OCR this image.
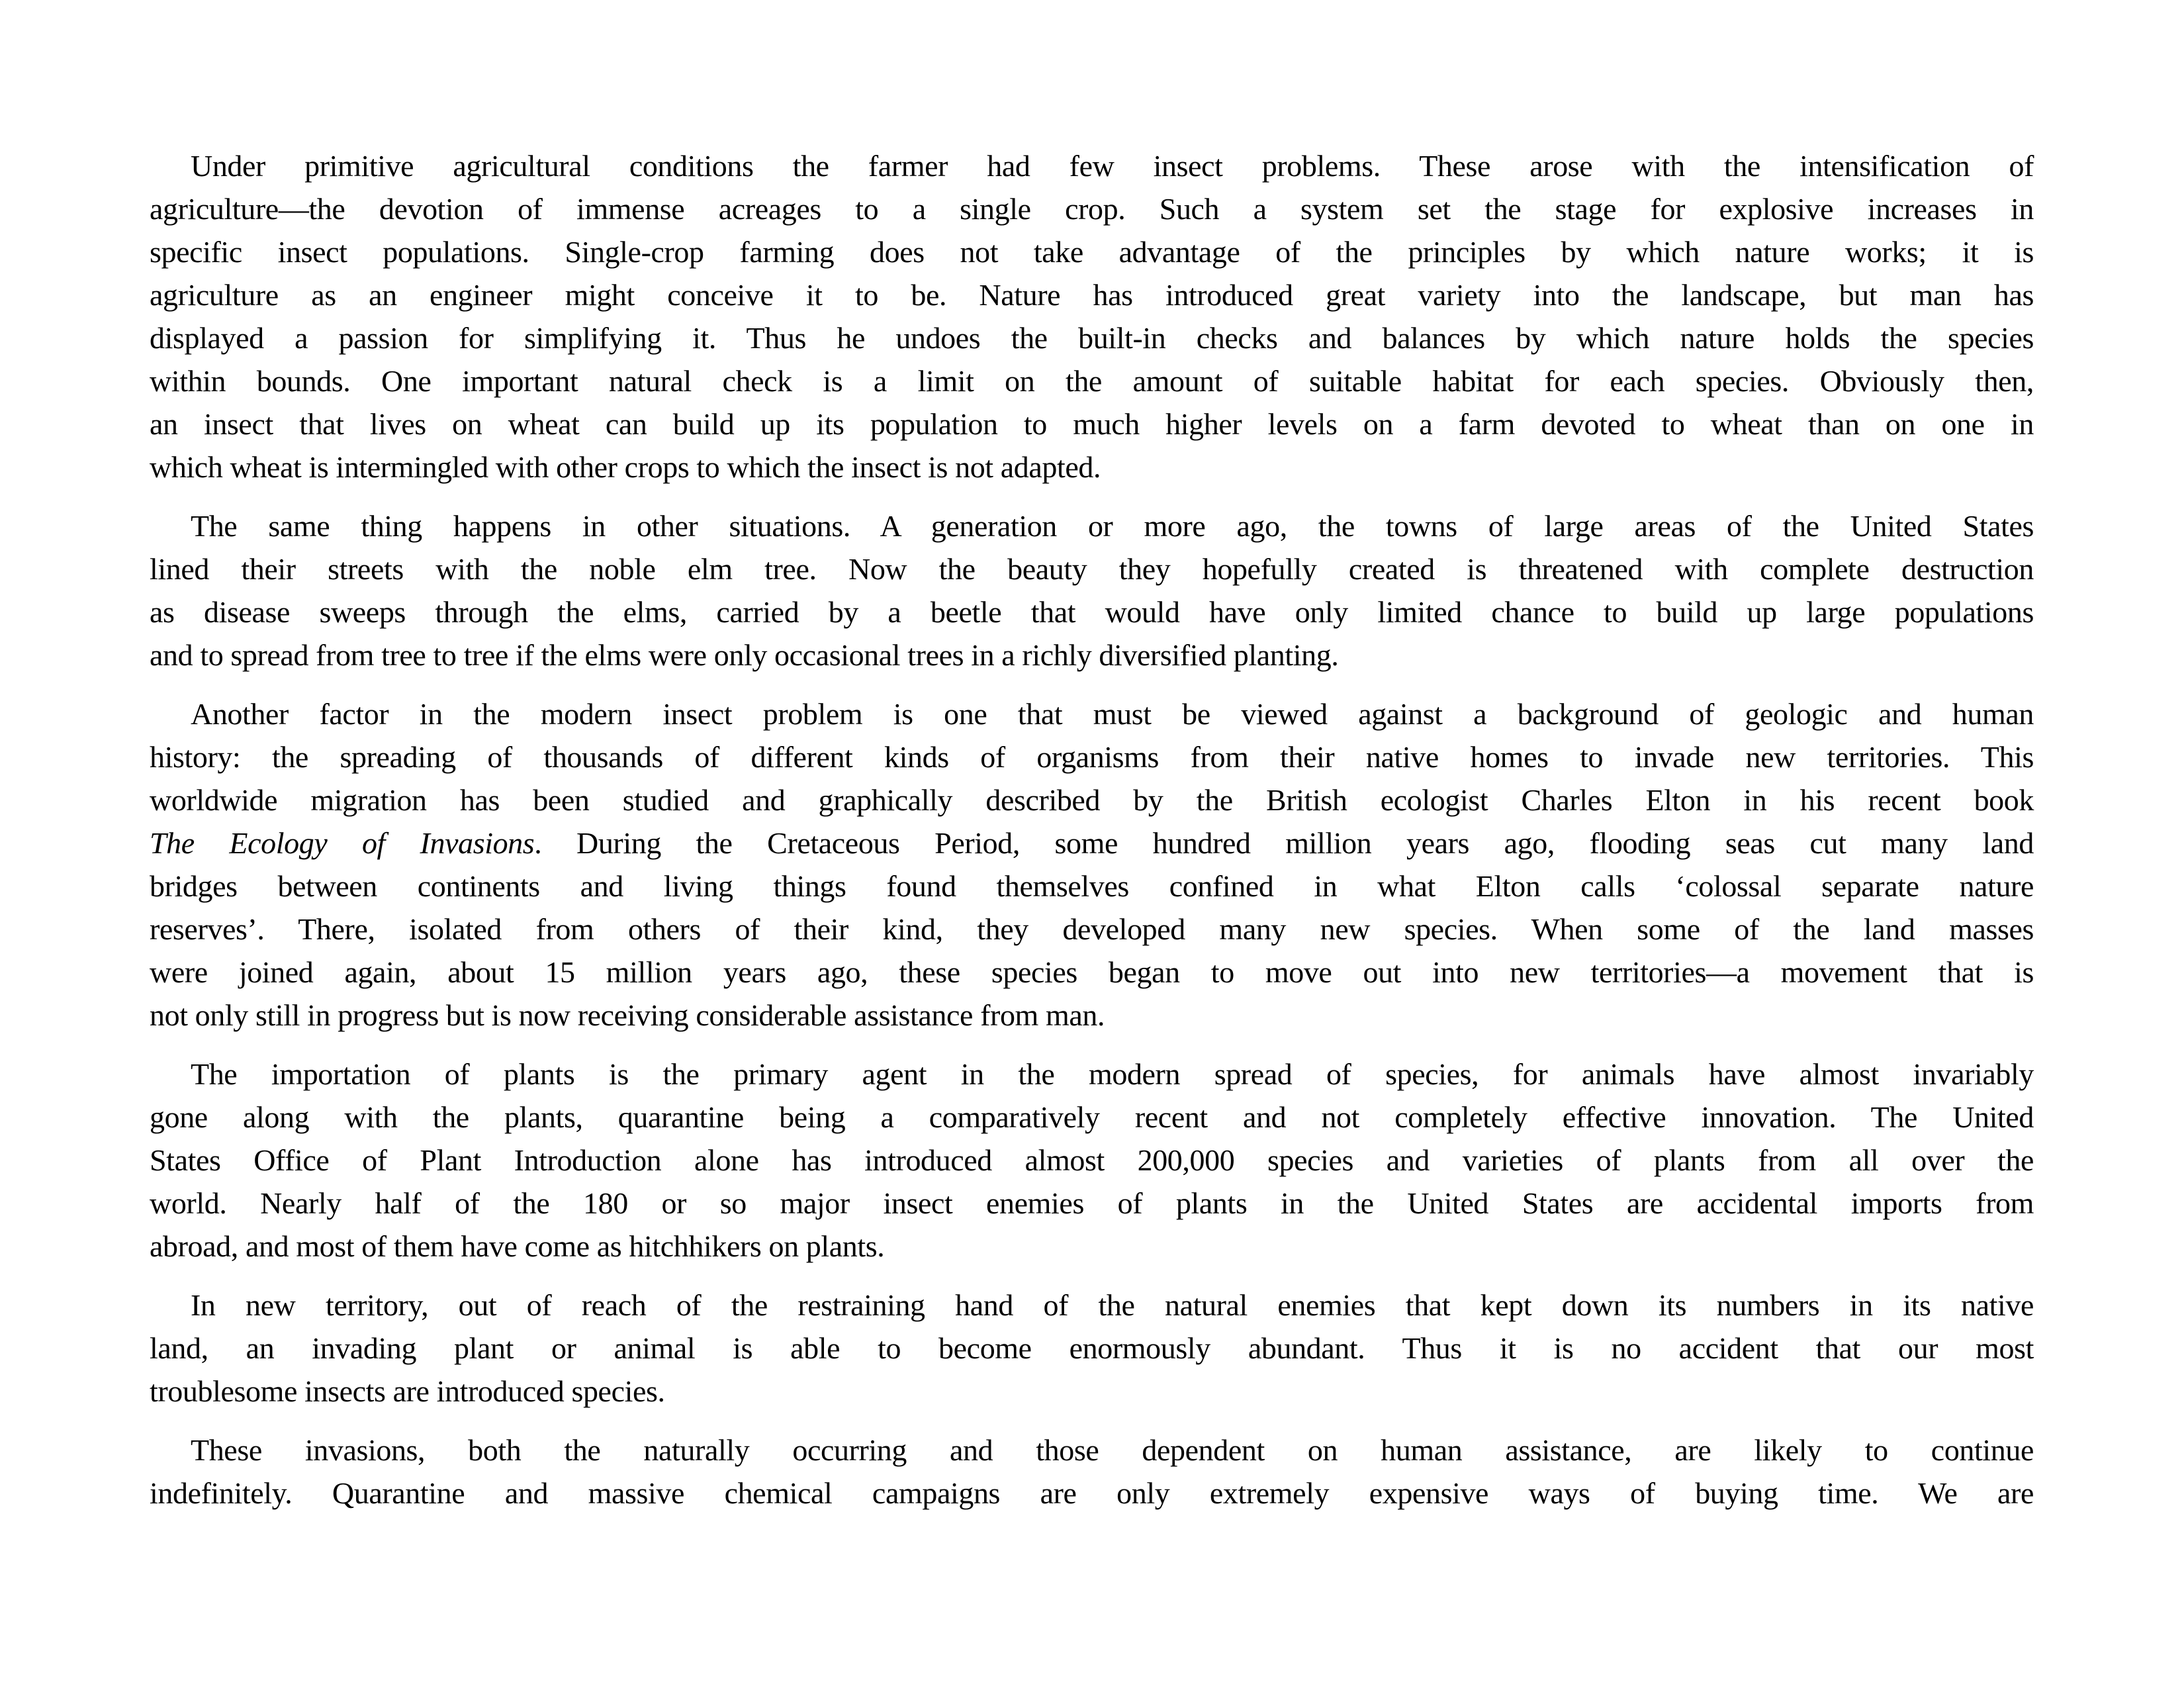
Under primitive agricultural conditions the farmer had few insect problems. These arose with the intensification of
agriculture—the devotion of immense acreages to a single crop. Such a system set the stage for explosive increases in
specific insect populations. Single-crop farming does not take advantage of the principles by which nature works; it is
agriculture as an engineer might conceive it to be. Nature has introduced great variety into the landscape, but man has
displayed a passion for simplifying it. Thus he undoes the built-in checks and balances by which nature holds the species
within bounds. One important natural check is a limit on the amount of suitable habitat for each species. Obviously then,
an insect that lives on wheat can build up its population to much higher levels on a farm devoted to wheat than on one in
which wheat is intermingled with other crops to which the insect is not adapted.
The same thing happens in other situations. A generation or more ago, the towns of large areas of the United States
lined their streets with the noble elm tree. Now the beauty they hopefully created is threatened with complete destruction
as disease sweeps through the elms, carried by a beetle that would have only limited chance to build up large populations
and to spread from tree to tree if the elms were only occasional trees in a richly diversified planting.
Another factor in the modern insect problem is one that must be viewed against a background of geologic and human
history: the spreading of thousands of different kinds of organisms from their native homes to invade new territories. This
worldwide migration has been studied and graphically described by the British ecologist Charles Elton in his recent book
The Ecology of Invasions. During the Cretaceous Period, some hundred million years ago, flooding seas cut many land
bridges between continents and living things found themselves confined in what Elton calls ‘colossal separate nature
reserves’. There, isolated from others of their kind, they developed many new species. When some of the land masses
were joined again, about 15 million years ago, these species began to move out into new territories—a movement that is
not only still in progress but is now receiving considerable assistance from man.
The importation of plants is the primary agent in the modern spread of species, for animals have almost invariably
gone along with the plants, quarantine being a comparatively recent and not completely effective innovation. The United
States Office of Plant Introduction alone has introduced almost 200,000 species and varieties of plants from all over the
world. Nearly half of the 180 or so major insect enemies of plants in the United States are accidental imports from
abroad, and most of them have come as hitchhikers on plants.
In new territory, out of reach of the restraining hand of the natural enemies that kept down its numbers in its native
land, an invading plant or animal is able to become enormously abundant. Thus it is no accident that our most
troublesome insects are introduced species.
These invasions, both the naturally occurring and those dependent on human assistance, are likely to continue
indefinitely. Quarantine and massive chemical campaigns are only extremely expensive ways of buying time. We are
